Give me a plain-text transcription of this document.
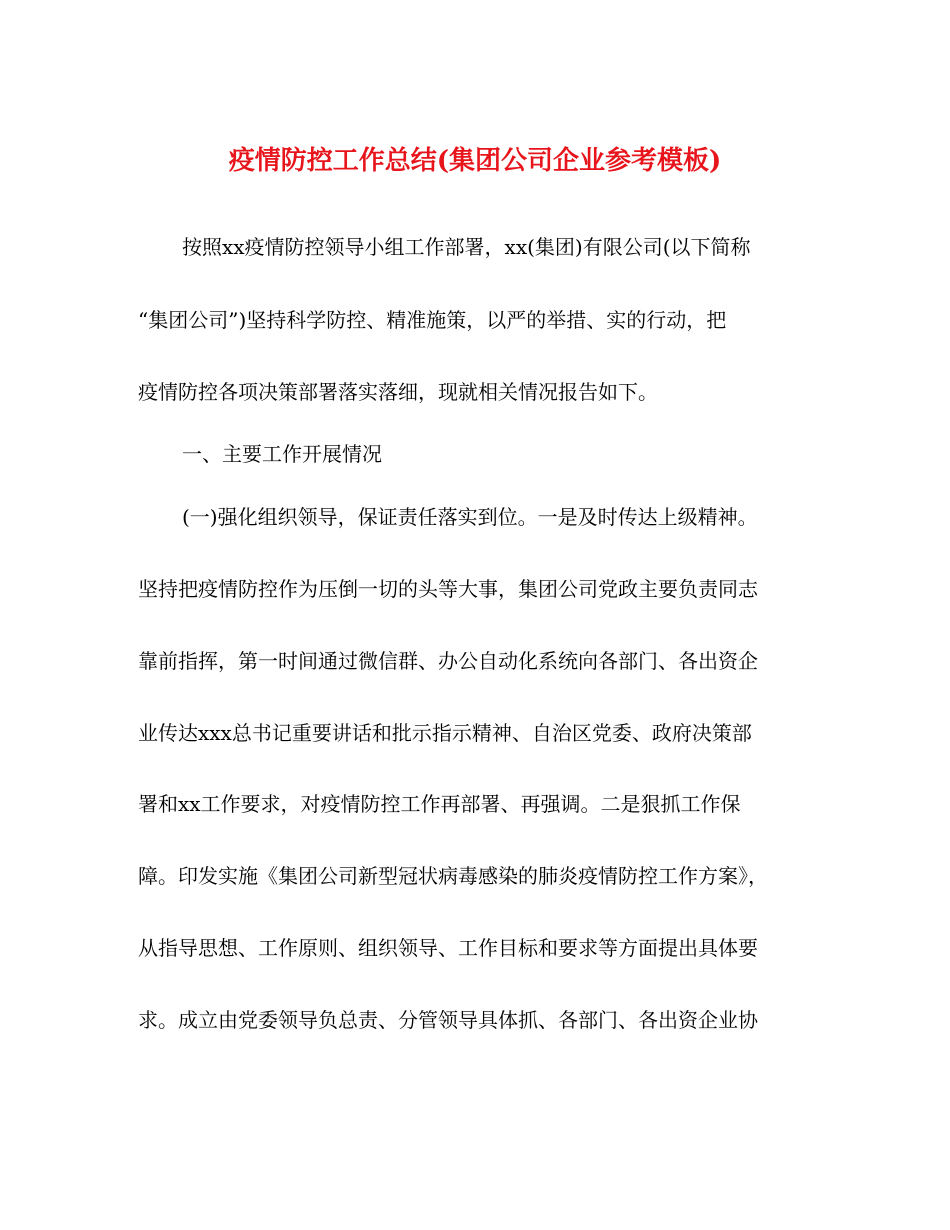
疫情防控工作总结(集团公司企业参考模板)
按照xx疫情防控领导小组工作部署，xx(集团)有限公司(以下简称
“集团公司”)坚持科学防控、精准施策，以严的举措、实的行动，把
疫情防控各项决策部署落实落细，现就相关情况报告如下。
一、主要工作开展情况
(一)强化组织领导，保证责任落实到位。一是及时传达上级精神。
坚持把疫情防控作为压倒一切的头等大事，集团公司党政主要负责同志
靠前指挥，第一时间通过微信群、办公自动化系统向各部门、各出资企
业传达xxx总书记重要讲话和批示指示精神、自治区党委、政府决策部
署和xx工作要求，对疫情防控工作再部署、再强调。二是狠抓工作保
障。印发实施《集团公司新型冠状病毒感染的肺炎疫情防控工作方案》，
从指导思想、工作原则、组织领导、工作目标和要求等方面提出具体要
求。成立由党委领导负总责、分管领导具体抓、各部门、各出资企业协
